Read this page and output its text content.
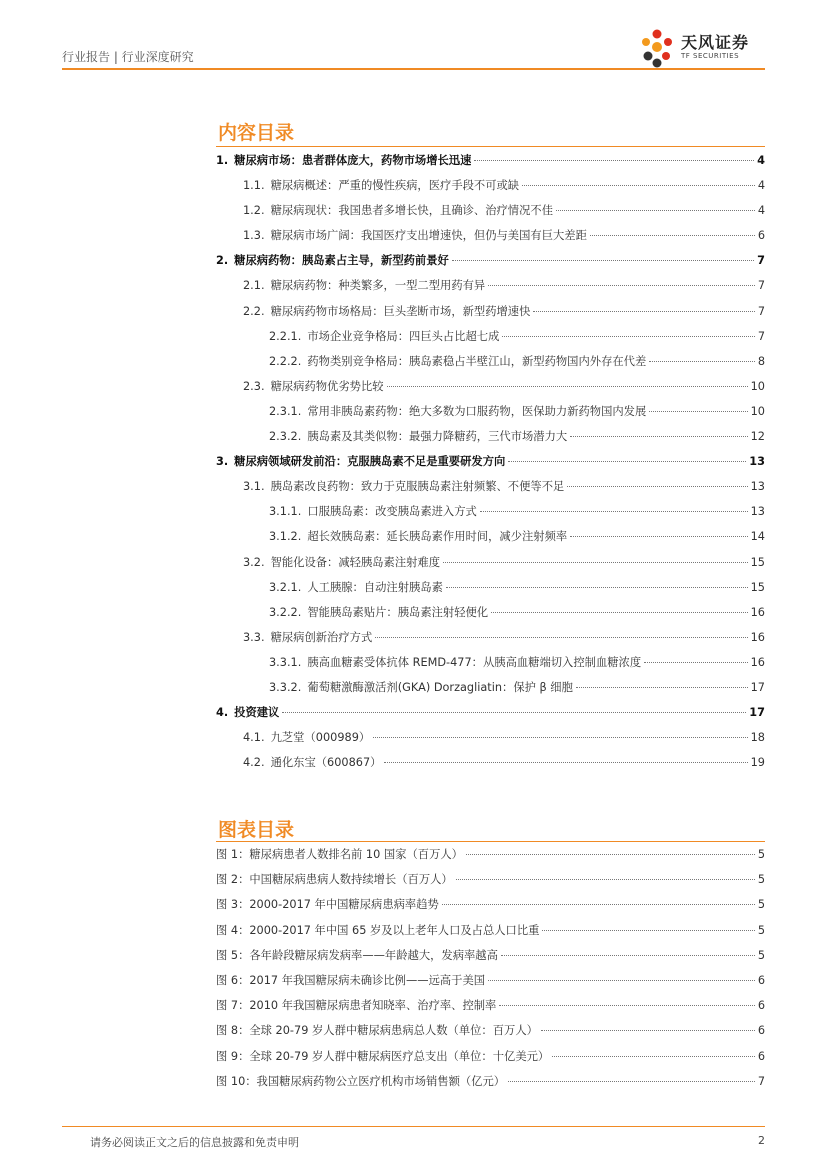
行业报告 | 行业深度研究
天风证券
TF SECURITIES
内容目录
1. 糖尿病市场：患者群体庞大，药物市场增长迅速	4
1.1. 糖尿病概述：严重的慢性疾病，医疗手段不可或缺	4
1.2. 糖尿病现状：我国患者多增长快，且确诊、治疗情况不佳	4
1.3. 糖尿病市场广阔：我国医疗支出增速快，但仍与美国有巨大差距	6
2. 糖尿病药物：胰岛素占主导，新型药前景好	7
2.1. 糖尿病药物：种类繁多，一型二型用药有异	7
2.2. 糖尿病药物市场格局：巨头垄断市场，新型药增速快	7
2.2.1. 市场企业竞争格局：四巨头占比超七成	7
2.2.2. 药物类别竞争格局：胰岛素稳占半壁江山，新型药物国内外存在代差	8
2.3. 糖尿病药物优劣势比较	10
2.3.1. 常用非胰岛素药物：绝大多数为口服药物，医保助力新药物国内发展	10
2.3.2. 胰岛素及其类似物：最强力降糖药，三代市场潜力大	12
3. 糖尿病领域研发前沿：克服胰岛素不足是重要研发方向	13
3.1. 胰岛素改良药物：致力于克服胰岛素注射频繁、不便等不足	13
3.1.1. 口服胰岛素：改变胰岛素进入方式	13
3.1.2. 超长效胰岛素：延长胰岛素作用时间，减少注射频率	14
3.2. 智能化设备：减轻胰岛素注射难度	15
3.2.1. 人工胰腺：自动注射胰岛素	15
3.2.2. 智能胰岛素贴片：胰岛素注射轻便化	16
3.3. 糖尿病创新治疗方式	16
3.3.1. 胰高血糖素受体抗体 REMD-477：从胰高血糖端切入控制血糖浓度	16
3.3.2. 葡萄糖激酶激活剂(GKA) Dorzagliatin：保护 β 细胞	17
4. 投资建议	17
4.1. 九芝堂（000989）	18
4.2. 通化东宝（600867）	19
图表目录
图 1：糖尿病患者人数排名前 10 国家（百万人）	5
图 2：中国糖尿病患病人数持续增长（百万人）	5
图 3：2000-2017 年中国糖尿病患病率趋势	5
图 4：2000-2017 年中国 65 岁及以上老年人口及占总人口比重	5
图 5：各年龄段糖尿病发病率——年龄越大，发病率越高	5
图 6：2017 年我国糖尿病未确诊比例——远高于美国	6
图 7：2010 年我国糖尿病患者知晓率、治疗率、控制率	6
图 8：全球 20-79 岁人群中糖尿病患病总人数（单位：百万人）	6
图 9：全球 20-79 岁人群中糖尿病医疗总支出（单位：十亿美元）	6
图 10：我国糖尿病药物公立医疗机构市场销售额（亿元）	7
请务必阅读正文之后的信息披露和免责申明	2
